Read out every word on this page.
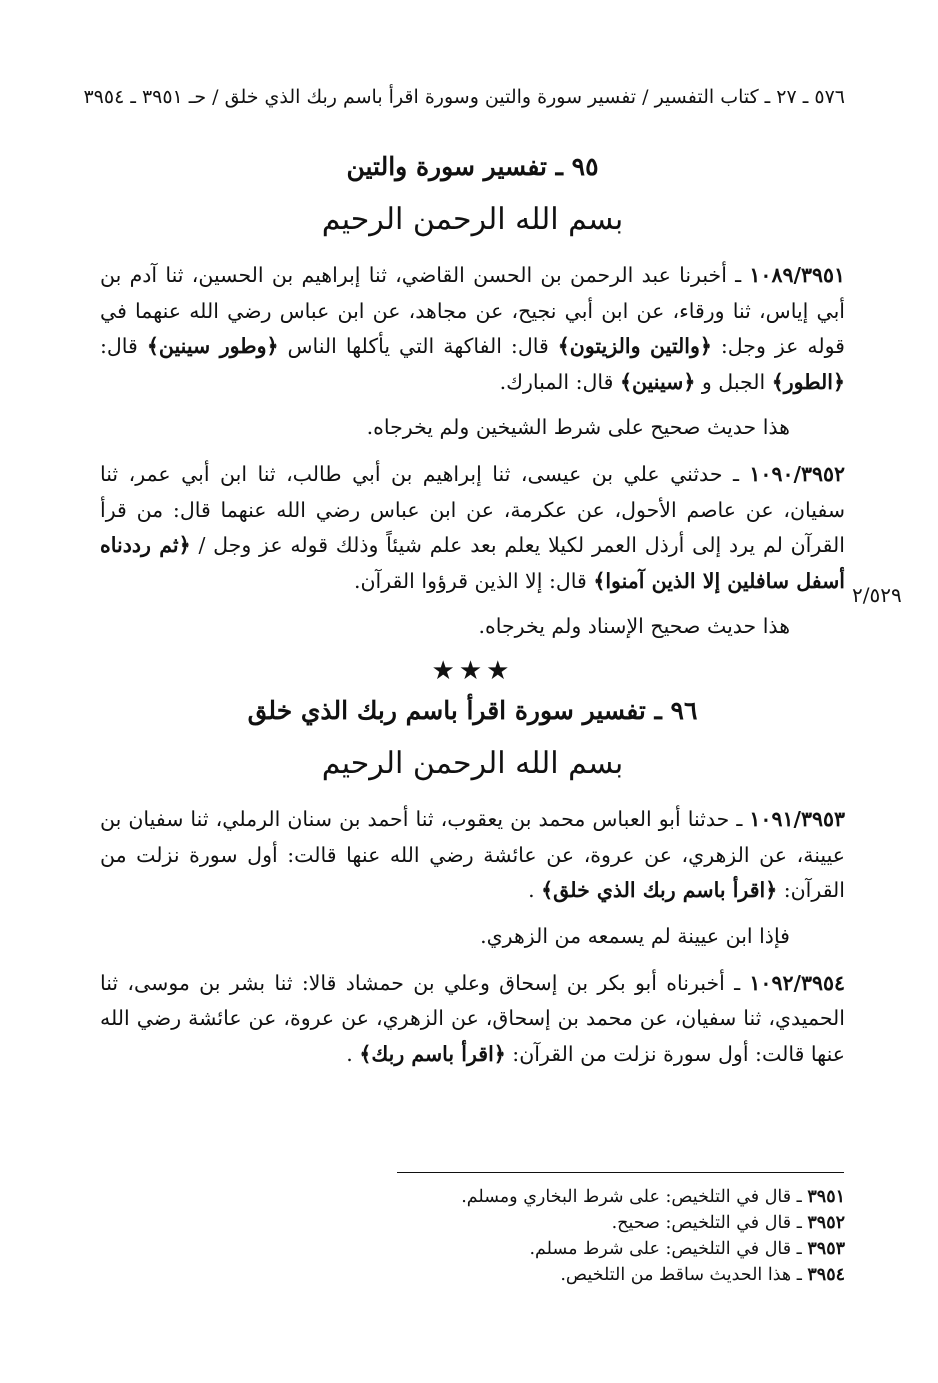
٥٧٦ ـ ٢٧ ـ كتاب التفسير / تفسير سورة والتين وسورة اقرأ باسم ربك الذي خلق / حـ ٣٩٥١ ـ ٣٩٥٤
٢/٥٢٩
٩٥ ـ تفسير سورة والتين
بسم الله الرحمن الرحيم

١٠٨٩/٣٩٥١ ـ أخبرنا عبد الرحمن بن الحسن القاضي، ثنا إبراهيم بن الحسين، ثنا آدم بن أبي إياس، ثنا ورقاء، عن ابن أبي نجيح، عن مجاهد، عن ابن عباس رضي الله عنهما في قوله عز وجل: ﴿والتين والزيتون﴾ قال: الفاكهة التي يأكلها الناس ﴿وطور سينين﴾ قال: ﴿الطور﴾ الجبل و ﴿سينين﴾ قال: المبارك.

هذا حديث صحيح على شرط الشيخين ولم يخرجاه.

١٠٩٠/٣٩٥٢ ـ حدثني علي بن عيسى، ثنا إبراهيم بن أبي طالب، ثنا ابن أبي عمر، ثنا سفيان، عن عاصم الأحول، عن عكرمة، عن ابن عباس رضي الله عنهما قال: من قرأ القرآن لم يرد إلى أرذل العمر لكيلا يعلم بعد علم شيئاً وذلك قوله عز وجل / ﴿ثم رددناه أسفل سافلين إلا الذين آمنوا﴾ قال: إلا الذين قرؤوا القرآن.

هذا حديث صحيح الإسناد ولم يخرجاه.

★★★
٩٦ ـ تفسير سورة اقرأ باسم ربك الذي خلق
بسم الله الرحمن الرحيم

١٠٩١/٣٩٥٣ ـ حدثنا أبو العباس محمد بن يعقوب، ثنا أحمد بن سنان الرملي، ثنا سفيان بن عيينة، عن الزهري، عن عروة، عن عائشة رضي الله عنها قالت: أول سورة نزلت من القرآن: ﴿اقرأ باسم ربك الذي خلق﴾ .

فإذا ابن عيينة لم يسمعه من الزهري.

١٠٩٢/٣٩٥٤ ـ أخبرناه أبو بكر بن إسحاق وعلي بن حمشاد قالا: ثنا بشر بن موسى، ثنا الحميدي، ثنا سفيان، عن محمد بن إسحاق، عن الزهري، عن عروة، عن عائشة رضي الله عنها قالت: أول سورة نزلت من القرآن: ﴿اقرأ باسم ربك﴾ .

٣٩٥١ ـ قال في التلخيص: على شرط البخاري ومسلم.
٣٩٥٢ ـ قال في التلخيص: صحيح.
٣٩٥٣ ـ قال في التلخيص: على شرط مسلم.
٣٩٥٤ ـ هذا الحديث ساقط من التلخيص.
